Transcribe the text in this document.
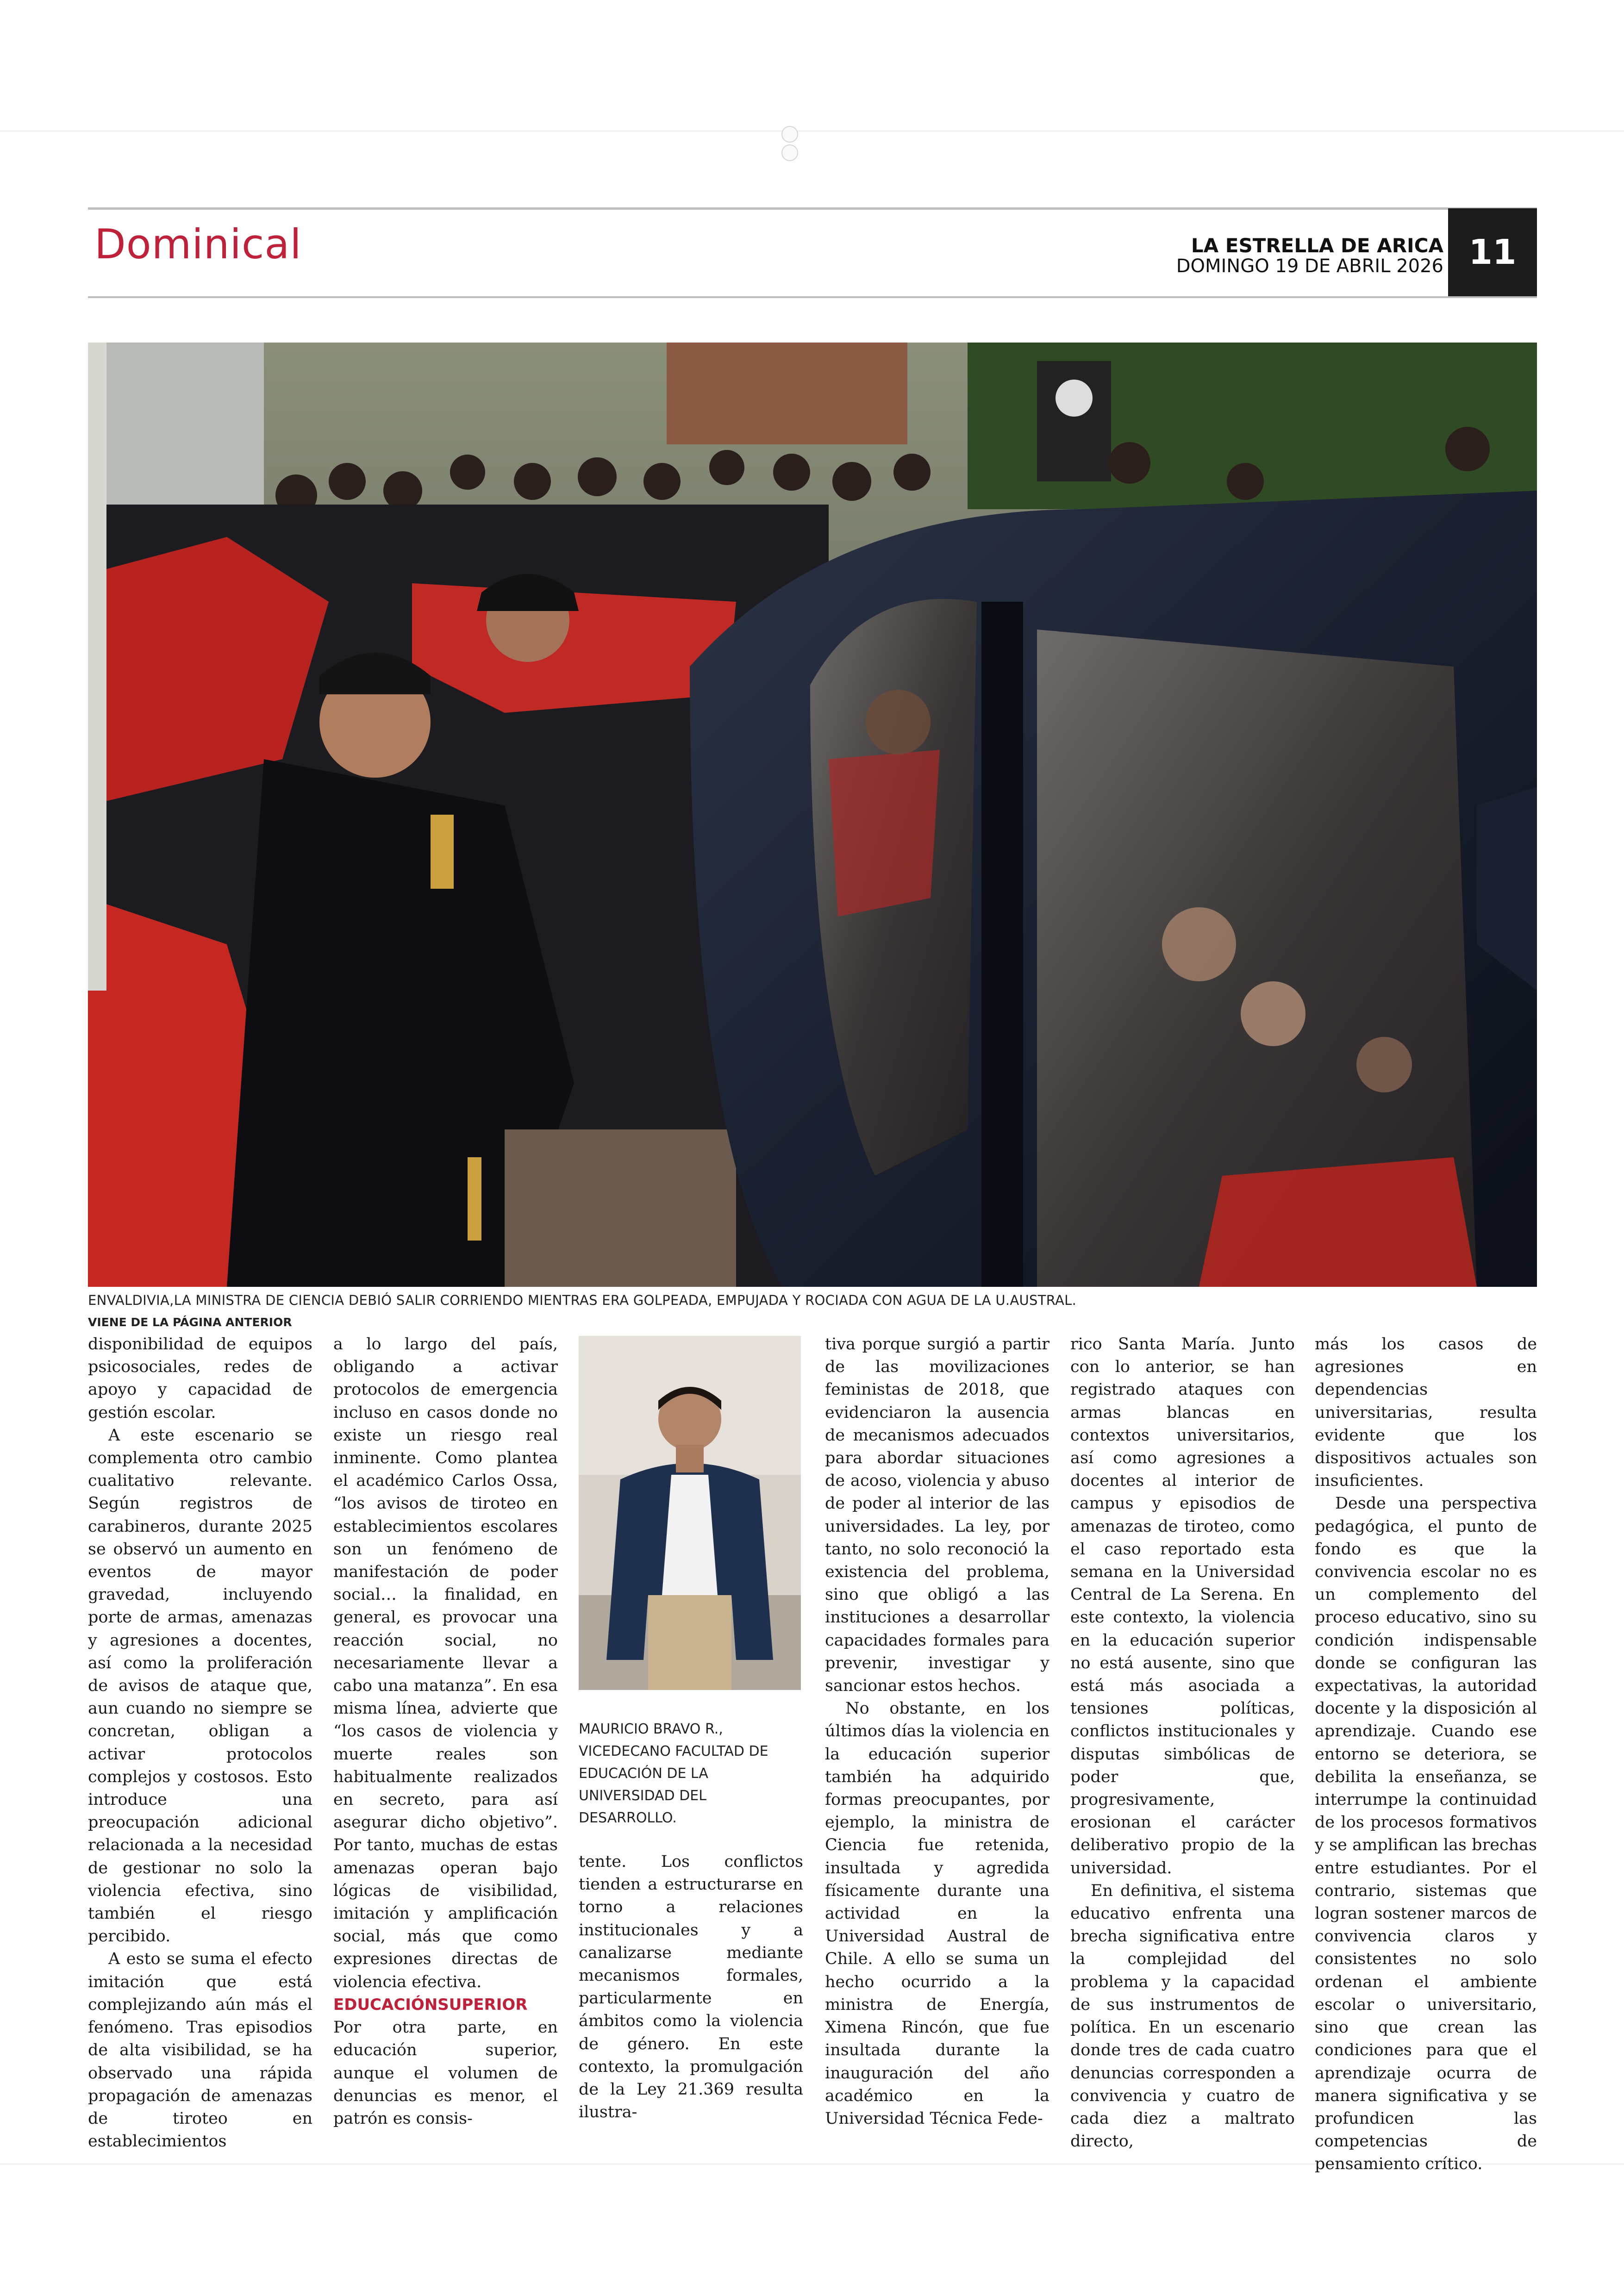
Dominical	LA ESTRELLA DE ARICA
DOMINGO 19 DE ABRIL 2026 11
ENVALDIVIA,LA MINISTRA DE CIENCIA DEBIÓ SALIR CORRIENDO MIENTRAS ERA GOLPEADA, EMPUJADA Y ROCIADA CON AGUA DE LA U.AUSTRAL.
VIENE DE LA PÁGINA ANTERIOR

disponibilidad de equipos psicosociales, redes de apoyo y capacidad de gestión escolar.

A este escenario se complementa otro cambio cualitativo relevante. Según registros de carabineros, durante 2025 se observó un aumento en eventos de mayor gravedad, incluyendo porte de armas, amenazas y agresiones a docentes, así como la proliferación de avisos de ataque que, aun cuando no siempre se concretan, obligan a activar protocolos complejos y costosos. Esto introduce una preocupación adicional relacionada a la necesidad de gestionar no solo la violencia efectiva, sino también el riesgo percibido.

A esto se suma el efecto imitación que está complejizando aún más el fenómeno. Tras episodios de alta visibilidad, se ha observado una rápida propagación de amenazas de tiroteo en establecimientos

a lo largo del país, obligando a activar protocolos de emergencia incluso en casos donde no existe un riesgo real inminente. Como plantea el académico Carlos Ossa, “los avisos de tiroteo en establecimientos escolares son un fenómeno de manifestación de poder social… la finalidad, en general, es provocar una reacción social, no necesariamente llevar a cabo una matanza”. En esa misma línea, advierte que “los casos de violencia y muerte reales son habitualmente realizados en secreto, para así asegurar dicho objetivo”. Por tanto, muchas de estas amenazas operan bajo lógicas de visibilidad, imitación y amplificación social, más que como expresiones directas de violencia efectiva.

EDUCACIÓNSUPERIOR

Por otra parte, en educación superior, aunque el volumen de denuncias es menor, el patrón es consis-

MAURICIO BRAVO R.,
VICEDECANO FACULTAD DE
EDUCACIÓN DE LA
UNIVERSIDAD DEL
DESARROLLO.

tente. Los conflictos tienden a estructurarse en torno a relaciones institucionales y a canalizarse mediante mecanismos formales, particularmente en ámbitos como la violencia de género. En este contexto, la promulgación de la Ley 21.369 resulta ilustra-

tiva porque surgió a partir de las movilizaciones feministas de 2018, que evidenciaron la ausencia de mecanismos adecuados para abordar situaciones de acoso, violencia y abuso de poder al interior de las universidades. La ley, por tanto, no solo reconoció la existencia del problema, sino que obligó a las instituciones a desarrollar capacidades formales para prevenir, investigar y sancionar estos hechos.

No obstante, en los últimos días la violencia en la educación superior también ha adquirido formas preocupantes, por ejemplo, la ministra de Ciencia fue retenida, insultada y agredida físicamente durante una actividad en la Universidad Austral de Chile. A ello se suma un hecho ocurrido a la ministra de Energía, Ximena Rincón, que fue insultada durante la inauguración del año académico en la Universidad Técnica Fede-

rico Santa María. Junto con lo anterior, se han registrado ataques con armas blancas en contextos universitarios, así como agresiones a docentes al interior de campus y episodios de amenazas de tiroteo, como el caso reportado esta semana en la Universidad Central de La Serena. En este contexto, la violencia en la educación superior no está ausente, sino que está más asociada a tensiones políticas, conflictos institucionales y disputas simbólicas de poder que, progresivamente, erosionan el carácter deliberativo propio de la universidad.

En definitiva, el sistema educativo enfrenta una brecha significativa entre la complejidad del problema y la capacidad de sus instrumentos de política. En un escenario donde tres de cada cuatro denuncias corresponden a convivencia y cuatro de cada diez a maltrato directo,

más los casos de agresiones en dependencias universitarias, resulta evidente que los dispositivos actuales son insuficientes.

Desde una perspectiva pedagógica, el punto de fondo es que la convivencia escolar no es un complemento del proceso educativo, sino su condición indispensable donde se configuran las expectativas, la autoridad docente y la disposición al aprendizaje. Cuando ese entorno se deteriora, se debilita la enseñanza, se interrumpe la continuidad de los procesos formativos y se amplifican las brechas entre estudiantes. Por el contrario, sistemas que logran sostener marcos de convivencia claros y consistentes no solo ordenan el ambiente escolar o universitario, sino que crean las condiciones para que el aprendizaje ocurra de manera significativa y se profundicen las competencias de pensamiento crítico.
